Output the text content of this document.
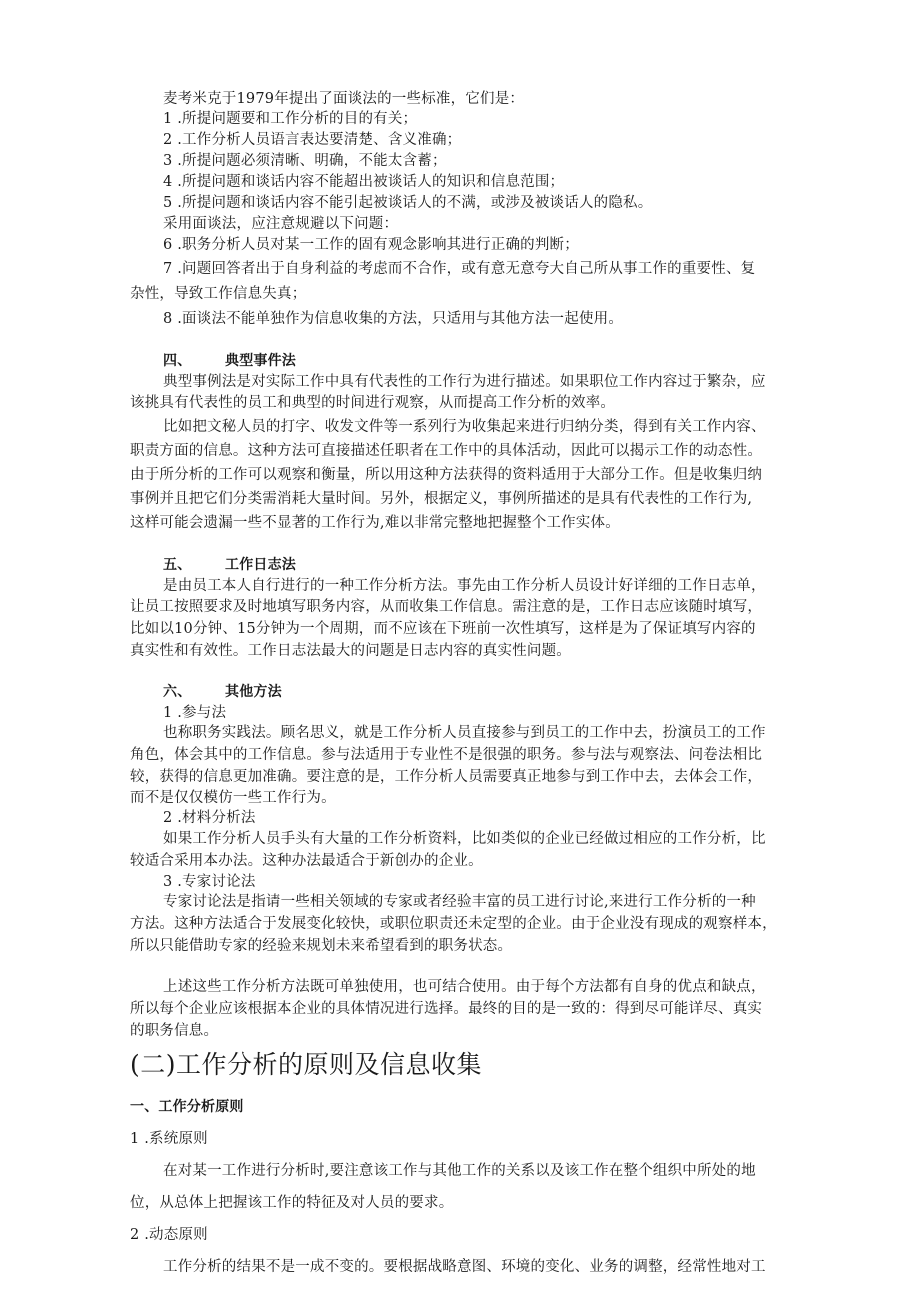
麦考米克于1979年提出了面谈法的一些标准，它们是：
1 .所提问题要和工作分析的目的有关；
2 .工作分析人员语言表达要清楚、含义准确；
3 .所提问题必须清晰、明确，不能太含蓄；
4 .所提问题和谈话内容不能超出被谈话人的知识和信息范围；
5 .所提问题和谈话内容不能引起被谈话人的不满，或涉及被谈话人的隐私。
采用面谈法，应注意规避以下问题：
6 .职务分析人员对某一工作的固有观念影响其进行正确的判断；
7 .问题回答者出于自身利益的考虑而不合作，或有意无意夸大自己所从事工作的重要性、复
杂性，导致工作信息失真；
8 .面谈法不能单独作为信息收集的方法，只适用与其他方法一起使用。
四、 典型事件法
典型事例法是对实际工作中具有代表性的工作行为进行描述。如果职位工作内容过于繁杂，应
该挑具有代表性的员工和典型的时间进行观察，从而提高工作分析的效率。
比如把文秘人员的打字、收发文件等一系列行为收集起来进行归纳分类，得到有关工作内容、
职责方面的信息。这种方法可直接描述任职者在工作中的具体活动，因此可以揭示工作的动态性。
由于所分析的工作可以观察和衡量，所以用这种方法获得的资料适用于大部分工作。但是收集归纳
事例并且把它们分类需消耗大量时间。另外，根据定义，事例所描述的是具有代表性的工作行为,
这样可能会遗漏一些不显著的工作行为,难以非常完整地把握整个工作实体。
五、 工作日志法
是由员工本人自行进行的一种工作分析方法。事先由工作分析人员设计好详细的工作日志单，
让员工按照要求及时地填写职务内容，从而收集工作信息。需注意的是，工作日志应该随时填写，
比如以10分钟、15分钟为一个周期，而不应该在下班前一次性填写，这样是为了保证填写内容的
真实性和有效性。工作日志法最大的问题是日志内容的真实性问题。
六、 其他方法
1 .参与法
也称职务实践法。顾名思义，就是工作分析人员直接参与到员工的工作中去，扮演员工的工作
角色，体会其中的工作信息。参与法适用于专业性不是很强的职务。参与法与观察法、问卷法相比
较，获得的信息更加准确。要注意的是，工作分析人员需要真正地参与到工作中去，去体会工作，
而不是仅仅模仿一些工作行为。
2 .材料分析法
如果工作分析人员手头有大量的工作分析资料，比如类似的企业已经做过相应的工作分析，比
较适合采用本办法。这种办法最适合于新创办的企业。
3 .专家讨论法
专家讨论法是指请一些相关领域的专家或者经验丰富的员工进行讨论,来进行工作分析的一种
方法。这种方法适合于发展变化较快，或职位职责还未定型的企业。由于企业没有现成的观察样本，
所以只能借助专家的经验来规划未来希望看到的职务状态。
上述这些工作分析方法既可单独使用，也可结合使用。由于每个方法都有自身的优点和缺点，
所以每个企业应该根据本企业的具体情况进行选择。最终的目的是一致的：得到尽可能详尽、真实
的职务信息。
(二)工作分析的原则及信息收集
一、工作分析原则
1 .系统原则
在对某一工作进行分析时,要注意该工作与其他工作的关系以及该工作在整个组织中所处的地
位，从总体上把握该工作的特征及对人员的要求。
2 .动态原则
工作分析的结果不是一成不变的。要根据战略意图、环境的变化、业务的调整，经常性地对工
